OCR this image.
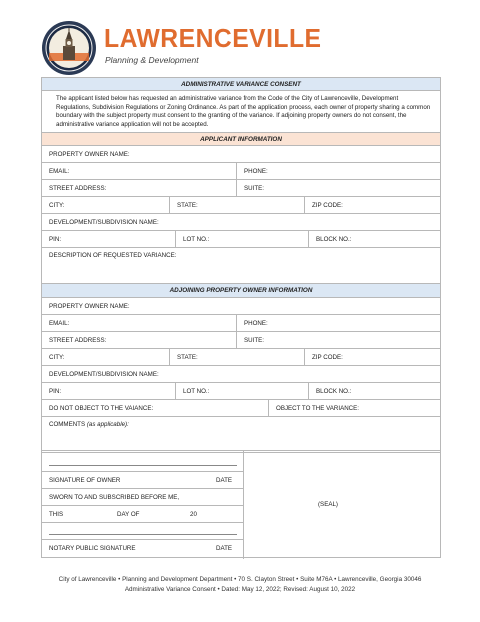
LAWRENCEVILLE
Planning & Development
ADMINISTRATIVE VARIANCE CONSENT
The applicant listed below has requested an administrative variance from the Code of the City of Lawrenceville, Development Regulations, Subdivision Regulations or Zoning Ordinance. As part of the application process, each owner of property sharing a common boundary with the subject property must consent to the granting of the variance. If adjoining property owners do not consent, the administrative variance application will not be accepted.
APPLICANT INFORMATION
PROPERTY OWNER NAME:
EMAIL:	PHONE:
STREET ADDRESS:	SUITE:
CITY:	STATE:	ZIP CODE:
DEVELOPMENT/SUBDIVISION NAME:
PIN:	LOT NO.:	BLOCK NO.:
DESCRIPTION OF REQUESTED VARIANCE:
ADJOINING PROPERTY OWNER INFORMATION
PROPERTY OWNER NAME:
EMAIL:	PHONE:
STREET ADDRESS:	SUITE:
CITY:	STATE:	ZIP CODE:
DEVELOPMENT/SUBDIVISION NAME:
PIN:	LOT NO.:	BLOCK NO.:
DO NOT OBJECT TO THE VAIANCE:	OBJECT TO THE VARIANCE:
COMMENTS
(as applicable):
SIGNATURE OF OWNER	DATE
SWORN TO AND SUBSCRIBED BEFORE ME,
THIS	DAY OF	20
NOTARY PUBLIC SIGNATURE	DATE
(SEAL)
City of Lawrenceville • Planning and Development Department • 70 S. Clayton Street • Suite M76A • Lawrenceville, Georgia 30046
Administrative Variance Consent • Dated: May 12, 2022; Revised: August 10, 2022
